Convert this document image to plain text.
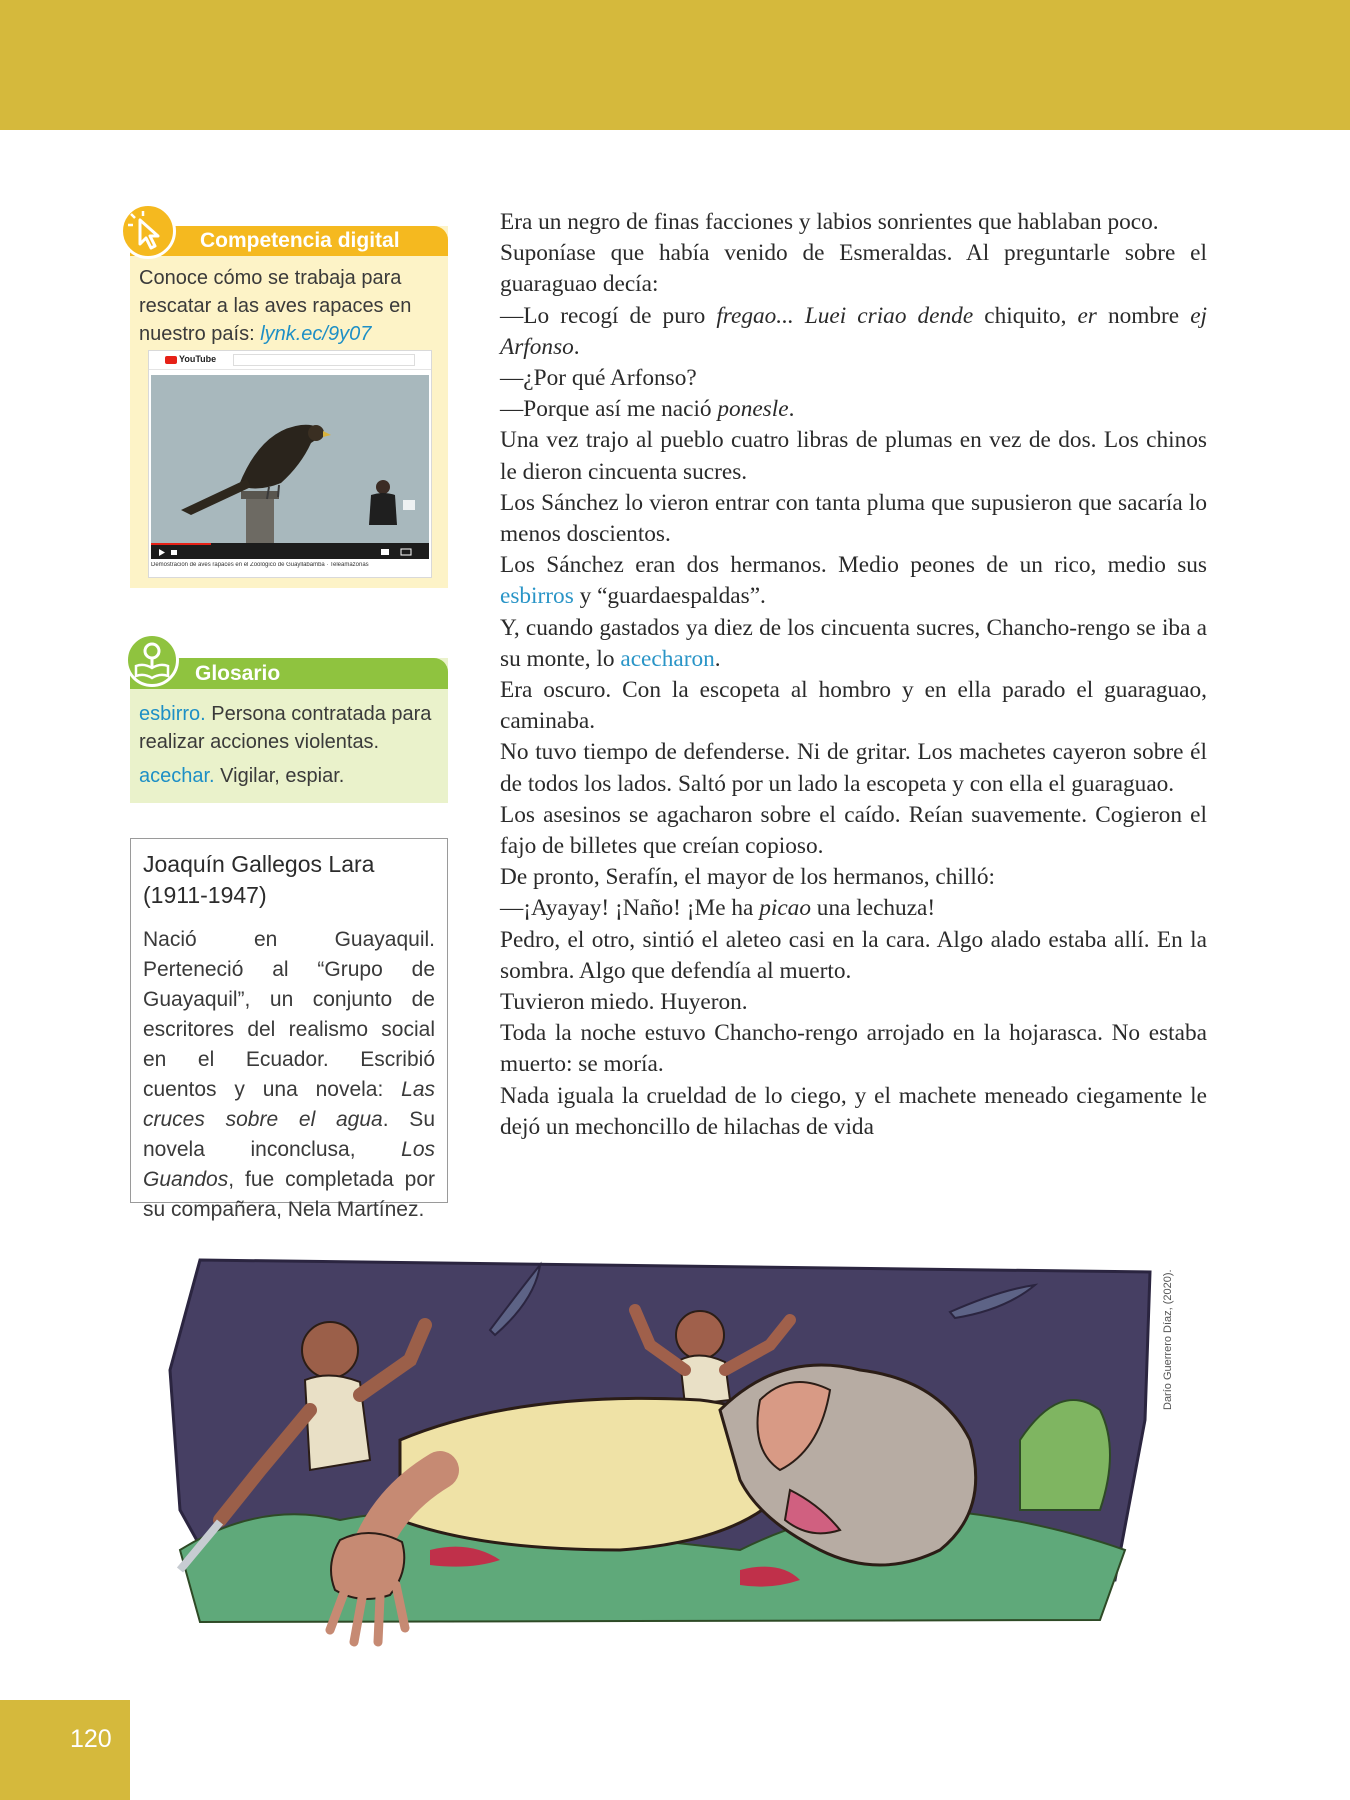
Competencia digital
Conoce cómo se trabaja para rescatar a las aves rapaces en nuestro país: lynk.ec/9y07
YouTube
Demostración de aves rapaces en el Zoológico de Guayllabamba · Teleamazonas
Glosario
esbirro. Persona contratada para realizar acciones violentas.
acechar. Vigilar, espiar.
Joaquín Gallegos Lara
(1911-1947)
Nació en Guayaquil. Perteneció al “Grupo de Guayaquil”, un conjunto de escritores del realismo social en el Ecuador. Escribió cuentos y una novela: Las cruces sobre el agua. Su novela inconclusa, Los Guandos, fue completada por su compañera, Nela Martínez.

Era un negro de finas facciones y labios sonrientes que hablaban poco.

Suponíase que había venido de Esmeraldas. Al preguntarle sobre el guaraguao decía:

—Lo recogí de puro fregao... Luei criao dende chiquito, er nombre ej Arfonso.

—¿Por qué Arfonso?

—Porque así me nació ponesle.

Una vez trajo al pueblo cuatro libras de plumas en vez de dos. Los chinos le dieron cincuenta sucres.

Los Sánchez lo vieron entrar con tanta pluma que supusieron que sacaría lo menos doscientos.

Los Sánchez eran dos hermanos. Medio peones de un rico, medio sus esbirros y “guardaespaldas”.

Y, cuando gastados ya diez de los cincuenta sucres, Chancho-rengo se iba a su monte, lo acecharon.

Era oscuro. Con la escopeta al hombro y en ella parado el guaraguao, caminaba.

No tuvo tiempo de defenderse. Ni de gritar. Los machetes cayeron sobre él de todos los lados. Saltó por un lado la escopeta y con ella el guaraguao.

Los asesinos se agacharon sobre el caído. Reían suavemente. Cogieron el fajo de billetes que creían copioso.

De pronto, Serafín, el mayor de los hermanos, chilló:

—¡Ayayay! ¡Naño! ¡Me ha picao una lechuza!

Pedro, el otro, sintió el aleteo casi en la cara. Algo alado estaba allí. En la sombra. Algo que defendía al muerto.

Tuvieron miedo. Huyeron.

Toda la noche estuvo Chancho-rengo arrojado en la hojarasca. No estaba muerto: se moría.

Nada iguala la crueldad de lo ciego, y el machete meneado ciegamente le dejó un mechoncillo de hilachas de vida

Darío Guerrero Díaz, (2020).
120
